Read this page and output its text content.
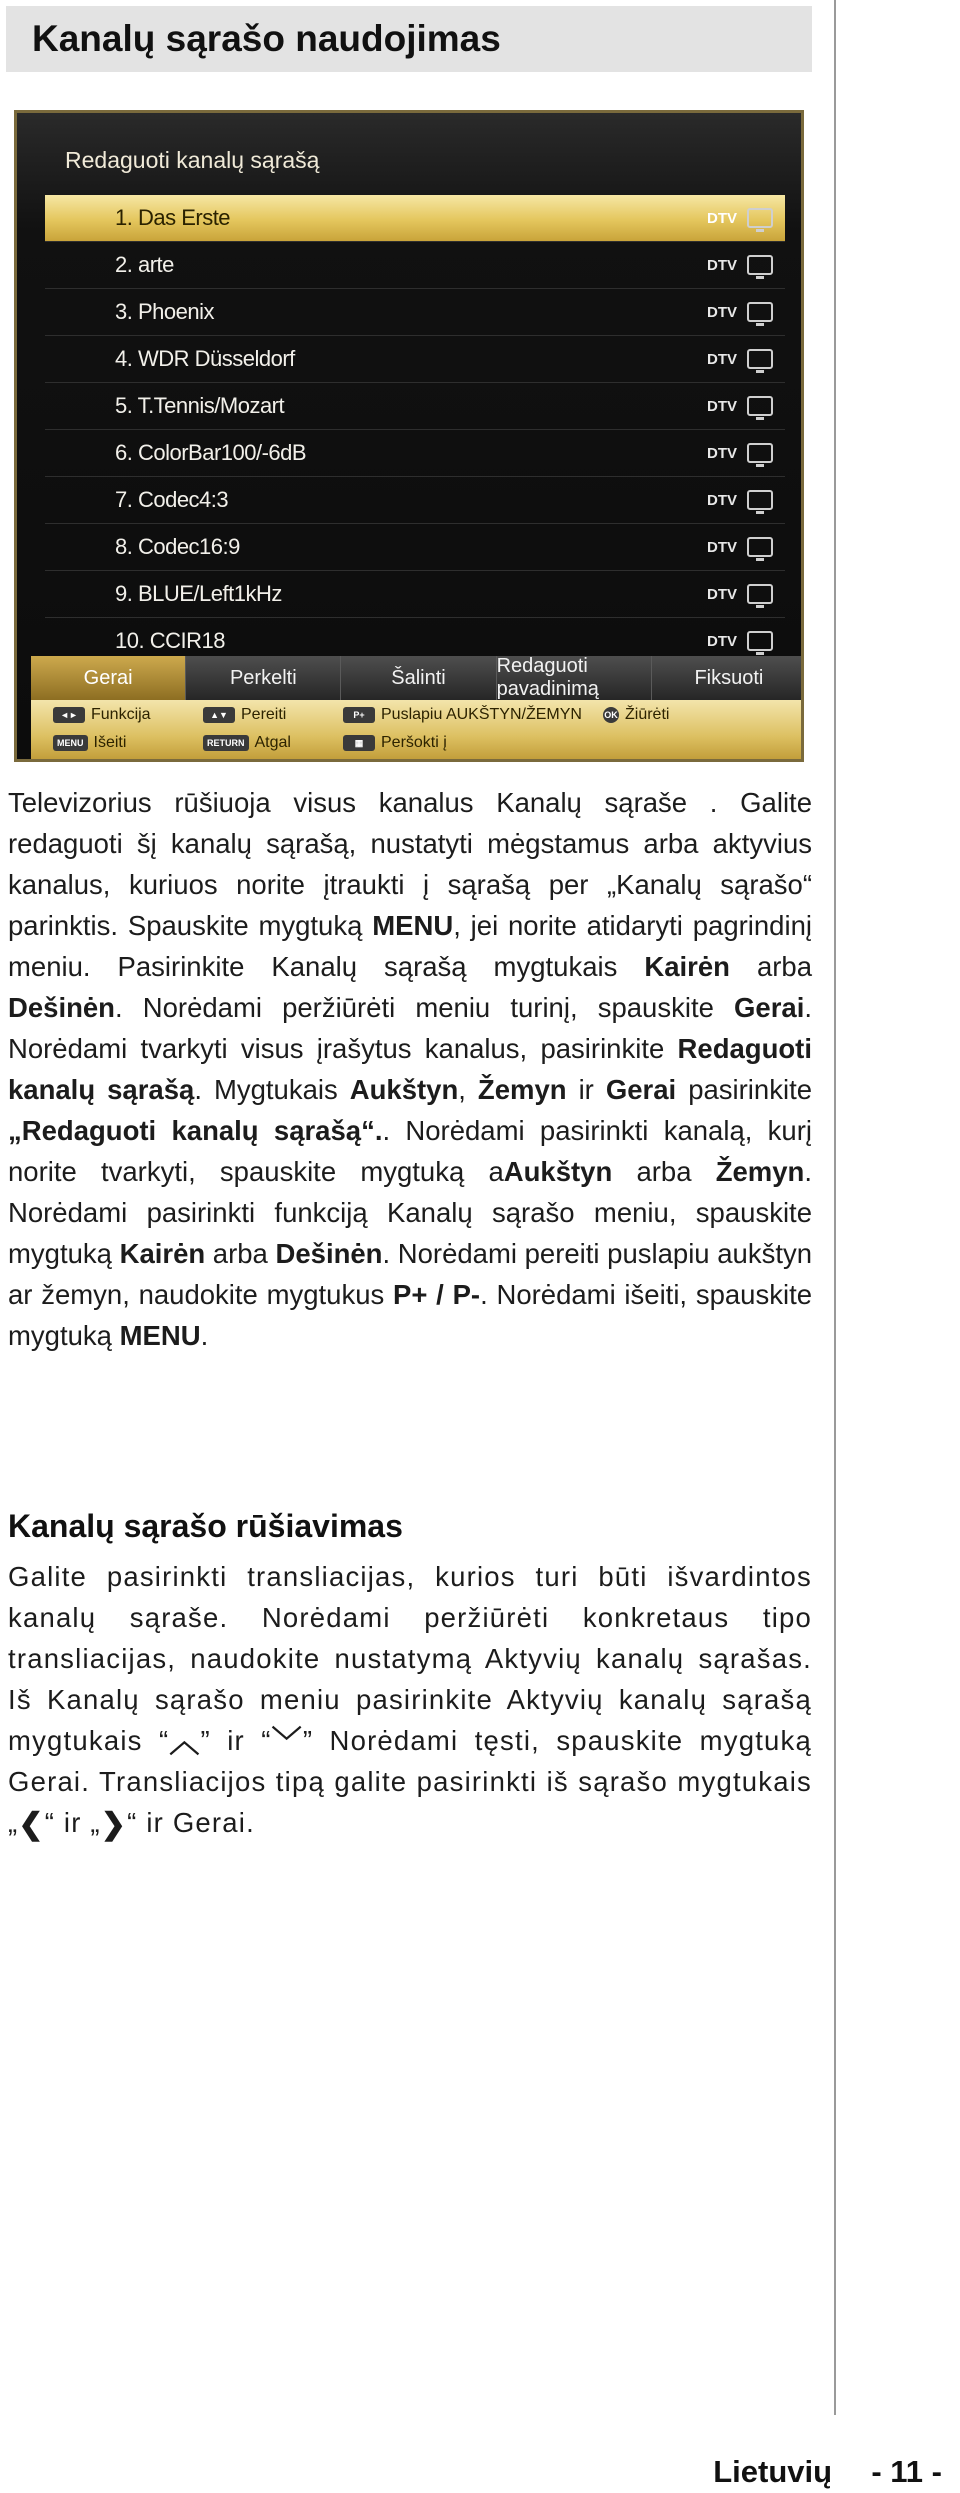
Kanalų sąrašo naudojimas
Redaguoti kanalų sąrašą
1. Das Erste	DTV
2. arte	DTV
3. Phoenix	DTV
4. WDR Düsseldorf	DTV
5. T.Tennis/Mozart	DTV
6. ColorBar100/-6dB	DTV
7. Codec4:3	DTV
8. Codec16:9	DTV
9. BLUE/Left1kHz	DTV
10. CCIR18	DTV
Gerai	Perkelti	Šalinti
Redaguoti pavadinimą
Fiksuoti
◄► Funkcija
MENU Išeiti
▲▼ Pereiti
RETURN Atgal
P+	Puslapiu AUKŠTYN/ŽEMYN
▦	Peršokti į
OK Žiūrėti

Televizorius rūšiuoja visus kanalus Kanalų sąraše . Galite redaguoti šį kanalų sąrašą, nustatyti mėgstamus arba aktyvius kanalus, kuriuos norite įtraukti į sąrašą per „Kanalų sąrašo“ parinktis. Spauskite mygtuką MENU, jei norite atidaryti pagrindinį meniu. Pasirinkite Kanalų sąrašą mygtukais Kairėn arba Dešinėn. Norėdami peržiūrėti meniu turinį, spauskite Gerai. Norėdami tvarkyti visus įrašytus kanalus, pasirinkite Redaguoti kanalų sąrašą. Mygtukais Aukštyn, Žemyn ir Gerai pasirinkite „Redaguoti kanalų sąrašą“.. Norėdami pasirinkti kanalą, kurį norite tvarkyti, spauskite mygtuką aAukštyn arba Žemyn. Norėdami pasirinkti funkciją Kanalų sąrašo meniu, spauskite mygtuką Kairėn arba Dešinėn. Norėdami pereiti puslapiu aukštyn ar žemyn, naudokite mygtukus P+ / P-. Norėdami išeiti, spauskite mygtuką MENU.

Kanalų sąrašo rūšiavimas
Galite pasirinkti transliacijas, kurios turi būti išvardintos kanalų sąraše. Norėdami peržiūrėti konkretaus tipo transliacijas, naudokite nustatymą Aktyvių kanalų sąrašas. Iš Kanalų sąrašo meniu pasirinkite Aktyvių kanalų sąrašą mygtukais “︿” ir “﹀” Norėdami tęsti, spauskite mygtuką Gerai. Transliacijos tipą galite pasirinkti iš sąrašo mygtukais „❮“ ir „❯“ ir Gerai.
Lietuvių - 11 -
